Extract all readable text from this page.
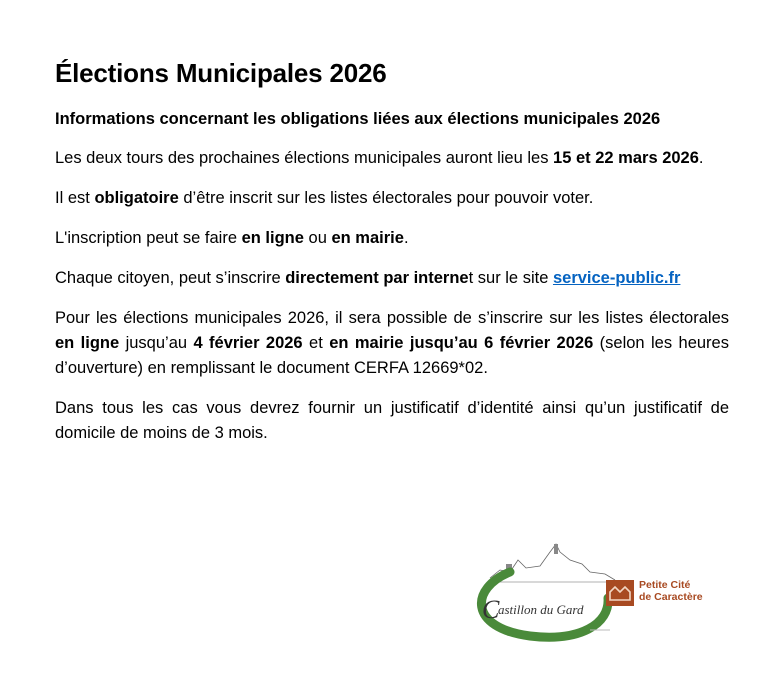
Élections Municipales 2026

Informations concernant les obligations liées aux élections municipales 2026

Les deux tours des prochaines élections municipales auront lieu les 15 et 22 mars 2026.

Il est obligatoire d’être inscrit sur les listes électorales pour pouvoir voter.

L'inscription peut se faire en ligne ou en mairie.

Chaque citoyen, peut s’inscrire directement par internet sur le site service-public.fr

Pour les élections municipales 2026, il sera possible de s’inscrire sur les listes électorales en ligne jusqu’au 4 février 2026 et en mairie jusqu’au 6 février 2026 (selon les heures d’ouverture) en remplissant le document CERFA 12669*02.

Dans tous les cas vous devrez fournir un justificatif d’identité ainsi qu’un justificatif de domicile de moins de 3 mois.

C
astillon du Gard
Petite Cité
de Caractère
